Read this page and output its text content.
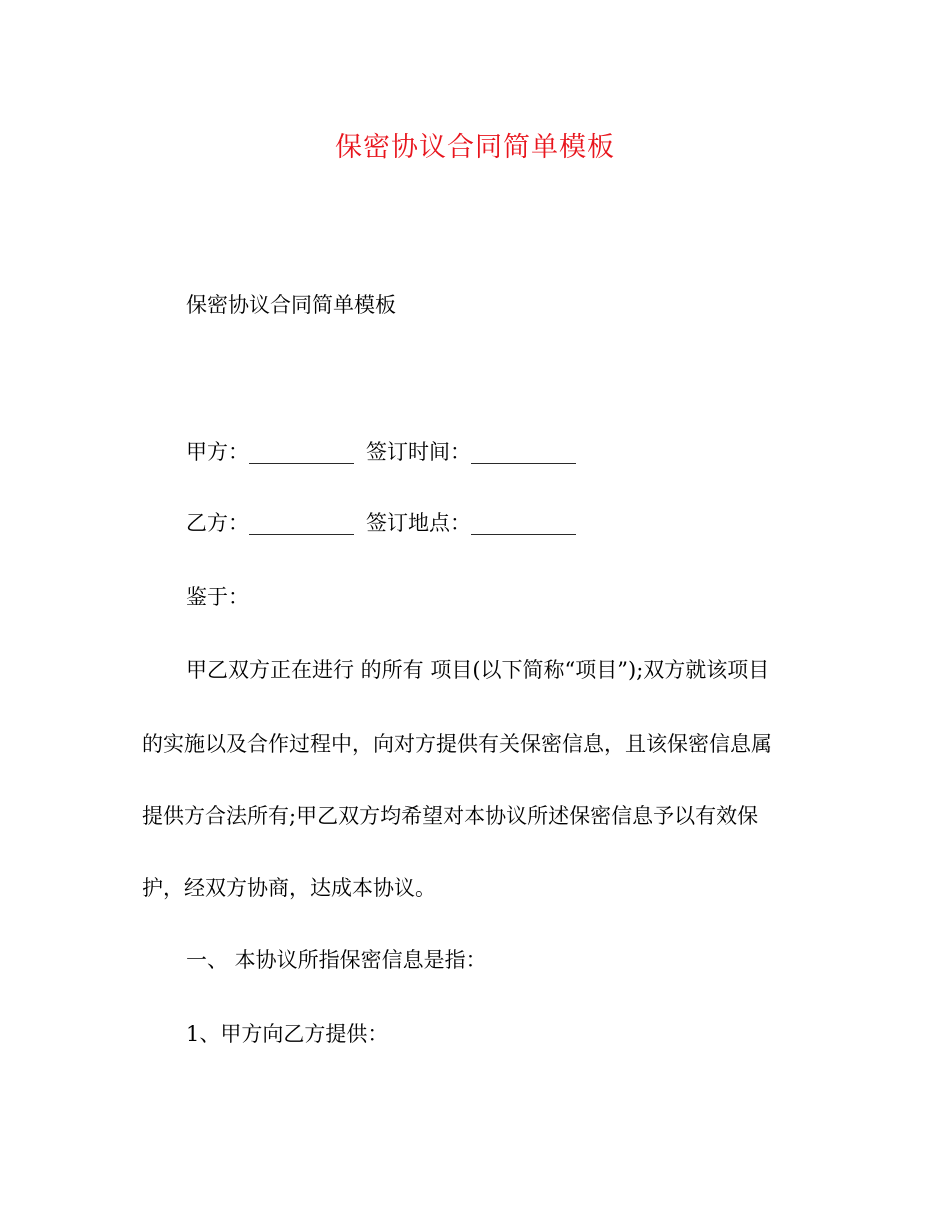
保密协议合同简单模板
保密协议合同简单模板
甲方：__________ 签订时间：__________
乙方：__________ 签订地点：__________
鉴于：
甲乙双方正在进行 的所有 项目(以下简称“项目”);双方就该项目
的实施以及合作过程中，向对方提供有关保密信息，且该保密信息属
提供方合法所有;甲乙双方均希望对本协议所述保密信息予以有效保
护，经双方协商，达成本协议。
一、 本协议所指保密信息是指：
1、甲方向乙方提供：
